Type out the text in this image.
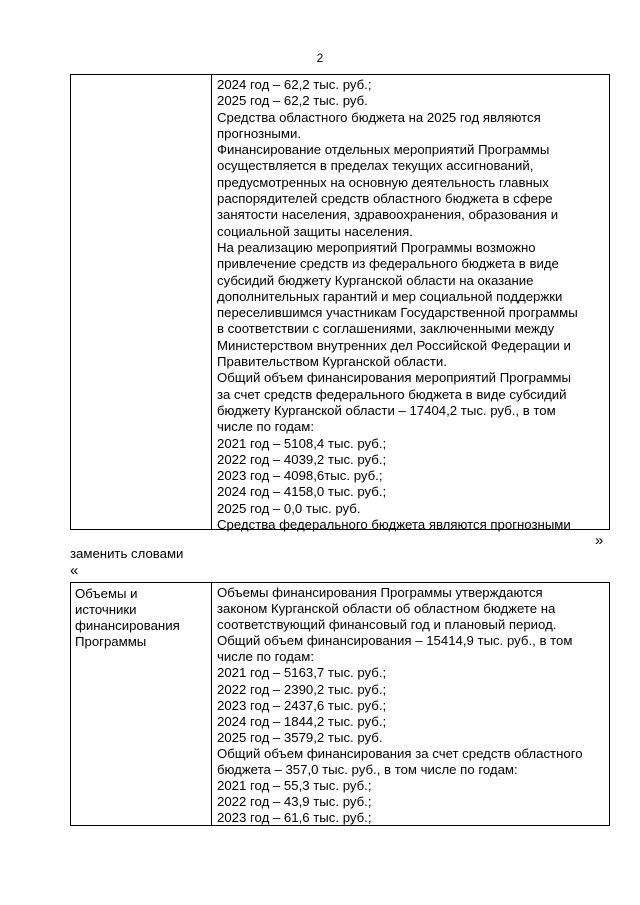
2
2024 год – 62,2 тыс. руб.;
2025 год – 62,2 тыс. руб.
Средства областного бюджета на 2025 год являются
прогнозными.
Финансирование отдельных мероприятий Программы
осуществляется в пределах текущих ассигнований,
предусмотренных на основную деятельность главных
распорядителей средств областного бюджета в сфере
занятости населения, здравоохранения, образования и
социальной защиты населения.
На реализацию мероприятий Программы возможно
привлечение средств из федерального бюджета в виде
субсидий бюджету Курганской области на оказание
дополнительных гарантий и мер социальной поддержки
переселившимся участникам Государственной программы
в соответствии с соглашениями, заключенными между
Министерством внутренних дел Российской Федерации и
Правительством Курганской области.
Общий объем финансирования мероприятий Программы
за счет средств федерального бюджета в виде субсидий
бюджету Курганской области – 17404,2 тыс. руб., в том
числе по годам:
2021 год – 5108,4 тыс. руб.;
2022 год – 4039,2 тыс. руб.;
2023 год – 4098,6тыс. руб.;
2024 год – 4158,0 тыс. руб.;
2025 год – 0,0 тыс. руб.
Средства федерального бюджета являются прогнозными
»
заменить словами
«
Объемы и
источники
финансирования
Программы
Объемы финансирования Программы утверждаются
законом Курганской области об областном бюджете на
соответствующий финансовый год и плановый период.
Общий объем финансирования – 15414,9 тыс. руб., в том
числе по годам:
2021 год – 5163,7 тыс. руб.;
2022 год – 2390,2 тыс. руб.;
2023 год – 2437,6 тыс. руб.;
2024 год – 1844,2 тыс. руб.;
2025 год – 3579,2 тыс. руб.
Общий объем финансирования за счет средств областного
бюджета – 357,0 тыс. руб., в том числе по годам:
2021 год – 55,3 тыс. руб.;
2022 год – 43,9 тыс. руб.;
2023 год – 61,6 тыс. руб.;
